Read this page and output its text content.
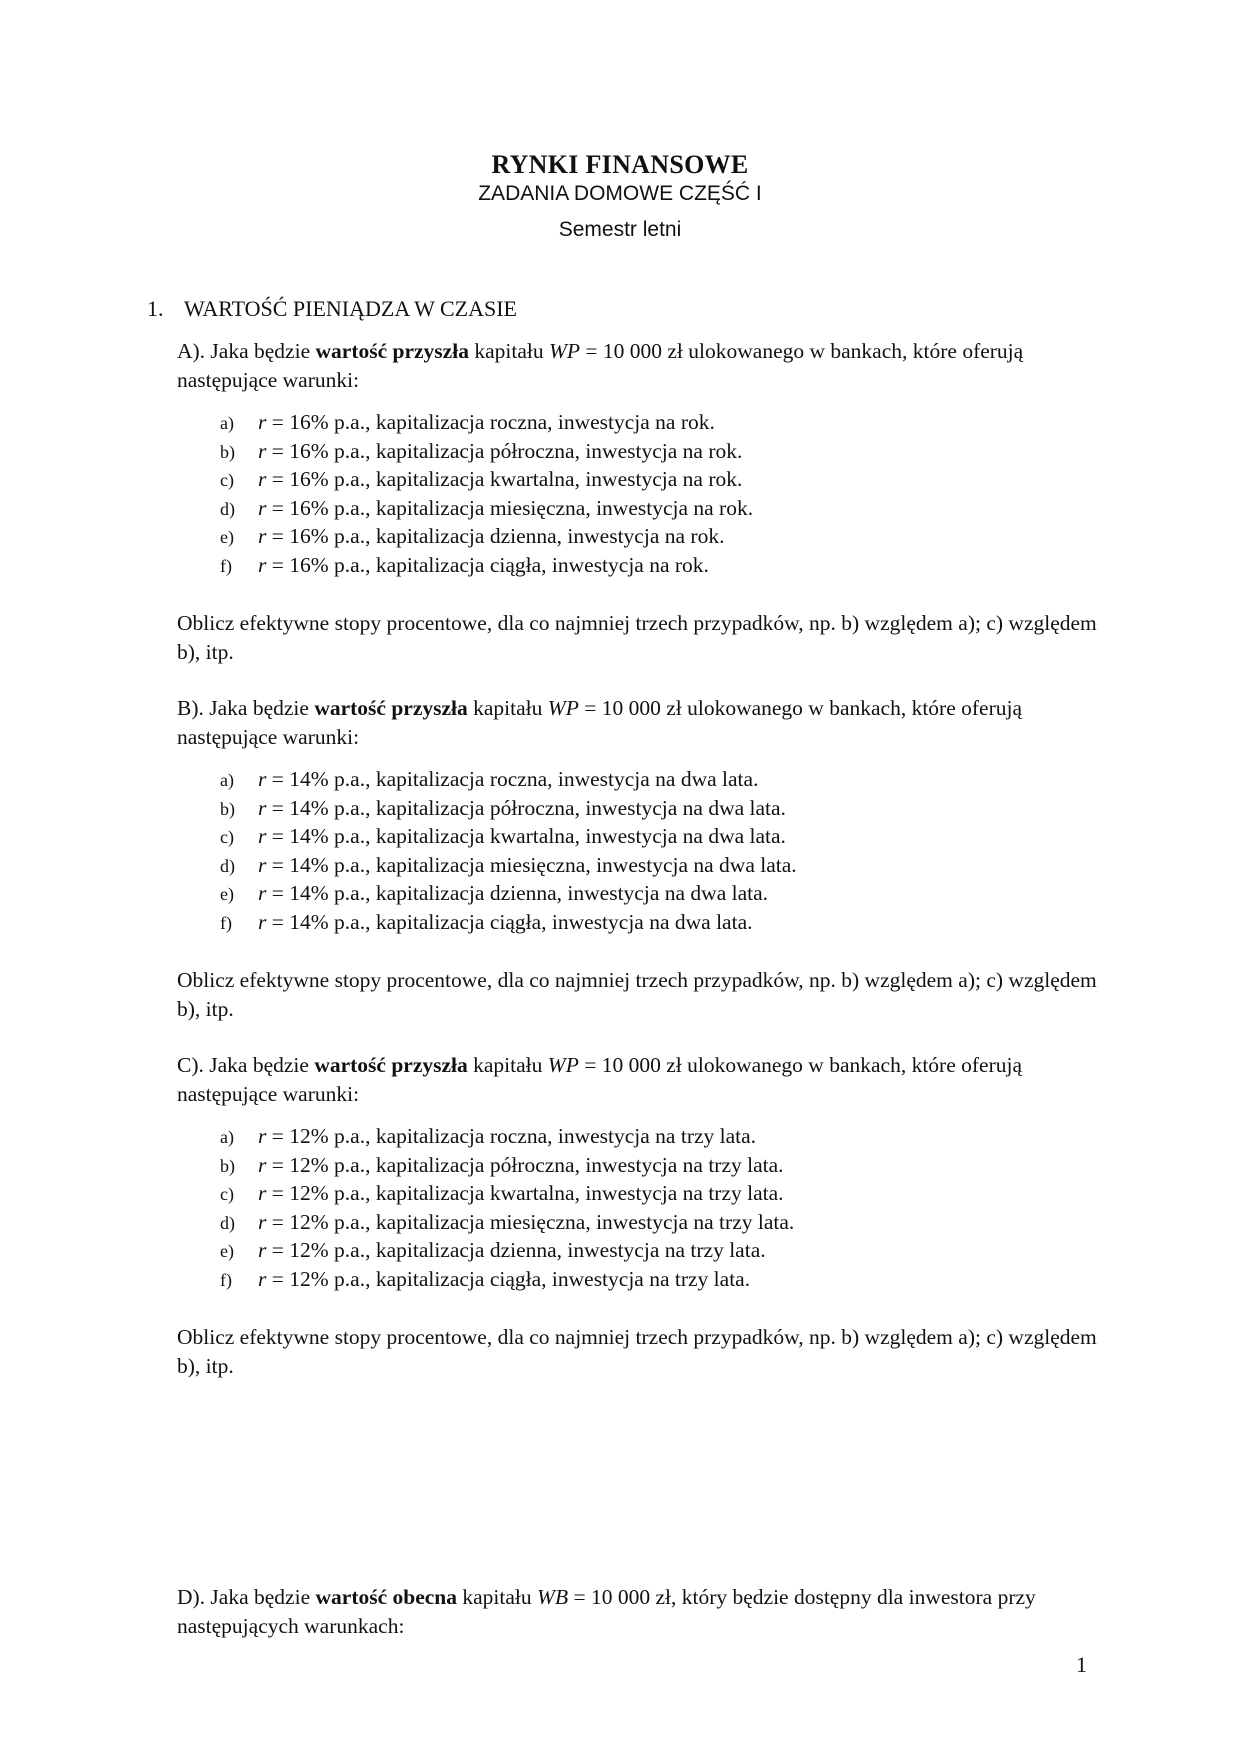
RYNKI FINANSOWE
ZADANIA DOMOWE CZĘŚĆ I
Semestr letni
1. WARTOŚĆ PIENIĄDZA W CZASIE

A). Jaka będzie wartość przyszła kapitału WP = 10 000 zł ulokowanego w bankach, które oferują następujące warunki:

a) r = 16% p.a., kapitalizacja roczna, inwestycja na rok.
b) r = 16% p.a., kapitalizacja półroczna, inwestycja na rok.
c) r = 16% p.a., kapitalizacja kwartalna, inwestycja na rok.
d) r = 16% p.a., kapitalizacja miesięczna, inwestycja na rok.
e) r = 16% p.a., kapitalizacja dzienna, inwestycja na rok.
f) r = 16% p.a., kapitalizacja ciągła, inwestycja na rok.

Oblicz efektywne stopy procentowe, dla co najmniej trzech przypadków, np. b) względem a); c) względem b), itp.

B). Jaka będzie wartość przyszła kapitału WP = 10 000 zł ulokowanego w bankach, które oferują następujące warunki:

a) r = 14% p.a., kapitalizacja roczna, inwestycja na dwa lata.
b) r = 14% p.a., kapitalizacja półroczna, inwestycja na dwa lata.
c) r = 14% p.a., kapitalizacja kwartalna, inwestycja na dwa lata.
d) r = 14% p.a., kapitalizacja miesięczna, inwestycja na dwa lata.
e) r = 14% p.a., kapitalizacja dzienna, inwestycja na dwa lata.
f) r = 14% p.a., kapitalizacja ciągła, inwestycja na dwa lata.

Oblicz efektywne stopy procentowe, dla co najmniej trzech przypadków, np. b) względem a); c) względem b), itp.

C). Jaka będzie wartość przyszła kapitału WP = 10 000 zł ulokowanego w bankach, które oferują następujące warunki:

a) r = 12% p.a., kapitalizacja roczna, inwestycja na trzy lata.
b) r = 12% p.a., kapitalizacja półroczna, inwestycja na trzy lata.
c) r = 12% p.a., kapitalizacja kwartalna, inwestycja na trzy lata.
d) r = 12% p.a., kapitalizacja miesięczna, inwestycja na trzy lata.
e) r = 12% p.a., kapitalizacja dzienna, inwestycja na trzy lata.
f) r = 12% p.a., kapitalizacja ciągła, inwestycja na trzy lata.

Oblicz efektywne stopy procentowe, dla co najmniej trzech przypadków, np. b) względem a); c) względem b), itp.

D). Jaka będzie wartość obecna kapitału WB = 10 000 zł, który będzie dostępny dla inwestora przy następujących warunkach:

1
